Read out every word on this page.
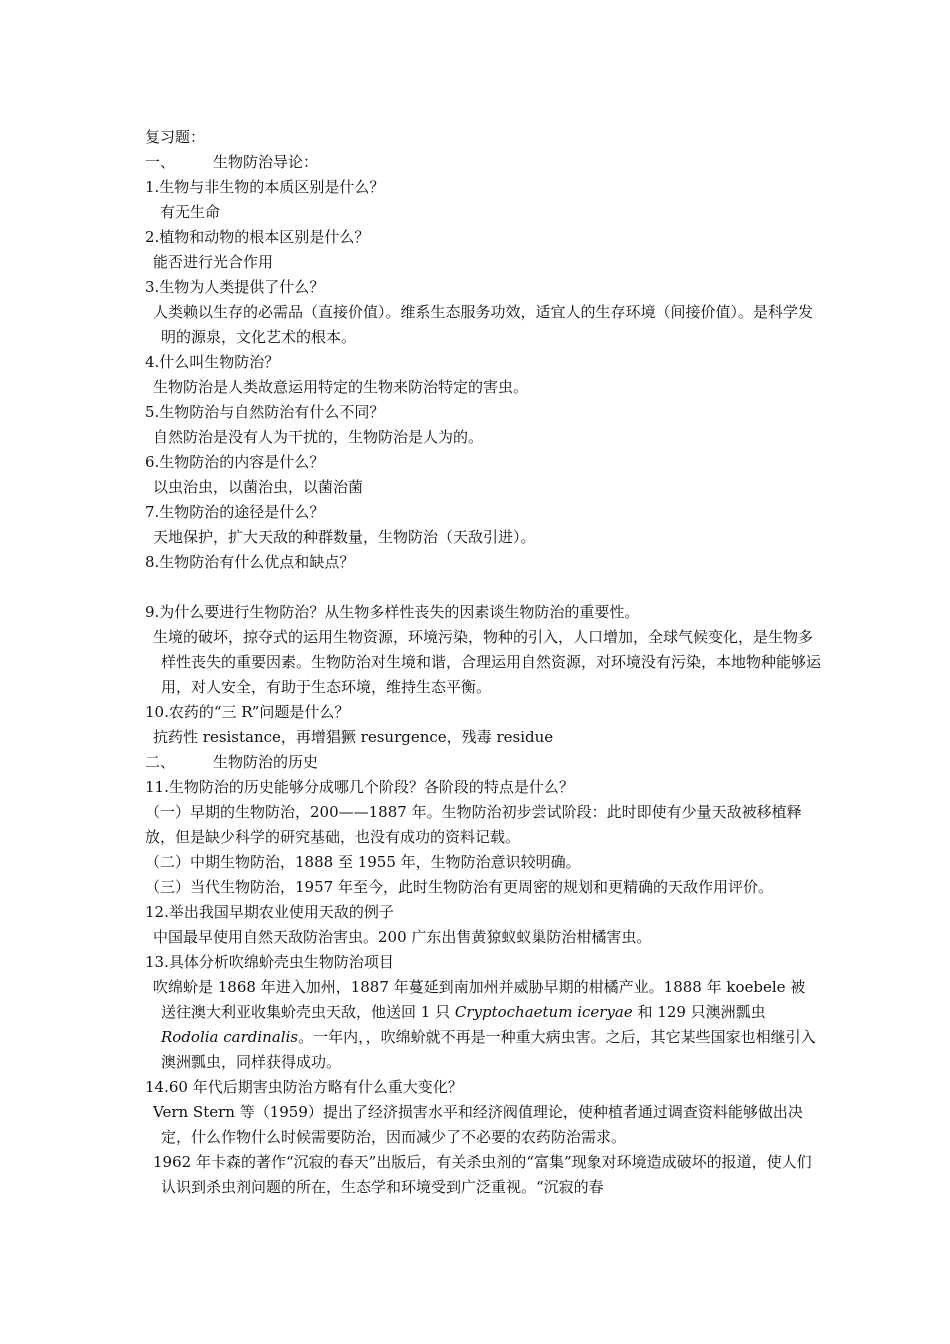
复习题：
一、	生物防治导论：
1.生物与非生物的本质区别是什么？
有无生命
2.植物和动物的根本区别是什么？
能否进行光合作用
3.生物为人类提供了什么？
人类赖以生存的必需品（直接价值）。维系生态服务功效，适宜人的生存环境（间接价值）。是科学发明的源泉，文化艺术的根本。
4.什么叫生物防治？
生物防治是人类故意运用特定的生物来防治特定的害虫。
5.生物防治与自然防治有什么不同？
自然防治是没有人为干扰的，生物防治是人为的。
6.生物防治的内容是什么？
以虫治虫，以菌治虫，以菌治菌
7.生物防治的途径是什么？
天地保护，扩大天敌的种群数量，生物防治（天敌引进）。
8.生物防治有什么优点和缺点？
9.为什么要进行生物防治？从生物多样性丧失的因素谈生物防治的重要性。
生境的破坏，掠夺式的运用生物资源，环境污染，物种的引入，人口增加，全球气候变化，是生物多样性丧失的重要因素。生物防治对生境和谐，合理运用自然资源，对环境没有污染，本地物种能够运用，对人安全，有助于生态环境，维持生态平衡。
10.农药的“三 R”问题是什么？
抗药性 resistance，再增猖獗 resurgence，残毒 residue
二、	生物防治的历史
11.生物防治的历史能够分成哪几个阶段？各阶段的特点是什么？
（一）早期的生物防治，200——1887 年。生物防治初步尝试阶段：此时即使有少量天敌被移植释放，但是缺少科学的研究基础，也没有成功的资料记载。
（二）中期生物防治，1888 至 1955 年，生物防治意识较明确。
（三）当代生物防治，1957 年至今，此时生物防治有更周密的规划和更精确的天敌作用评价。
12.举出我国早期农业使用天敌的例子
中国最早使用自然天敌防治害虫。200 广东出售黄猄蚁蚁巢防治柑橘害虫。
13.具体分析吹绵蚧壳虫生物防治项目
吹绵蚧是 1868 年进入加州，1887 年蔓延到南加州并威胁早期的柑橘产业。1888 年 koebele 被送往澳大利亚收集蚧壳虫天敌，他送回 1 只 Cryptochaetum iceryae 和 129 只澳洲瓢虫 Rodolia cardinalis。一年内，，吹绵蚧就不再是一种重大病虫害。之后，其它某些国家也相继引入澳洲瓢虫，同样获得成功。
14.60 年代后期害虫防治方略有什么重大变化？
Vern Stern 等（1959）提出了经济损害水平和经济阀值理论，使种植者通过调查资料能够做出决定，什么作物什么时候需要防治，因而减少了不必要的农药防治需求。
1962 年卡森的著作“沉寂的春天”出版后，有关杀虫剂的“富集”现象对环境造成破坏的报道，使人们认识到杀虫剂问题的所在，生态学和环境受到广泛重视。“沉寂的春
